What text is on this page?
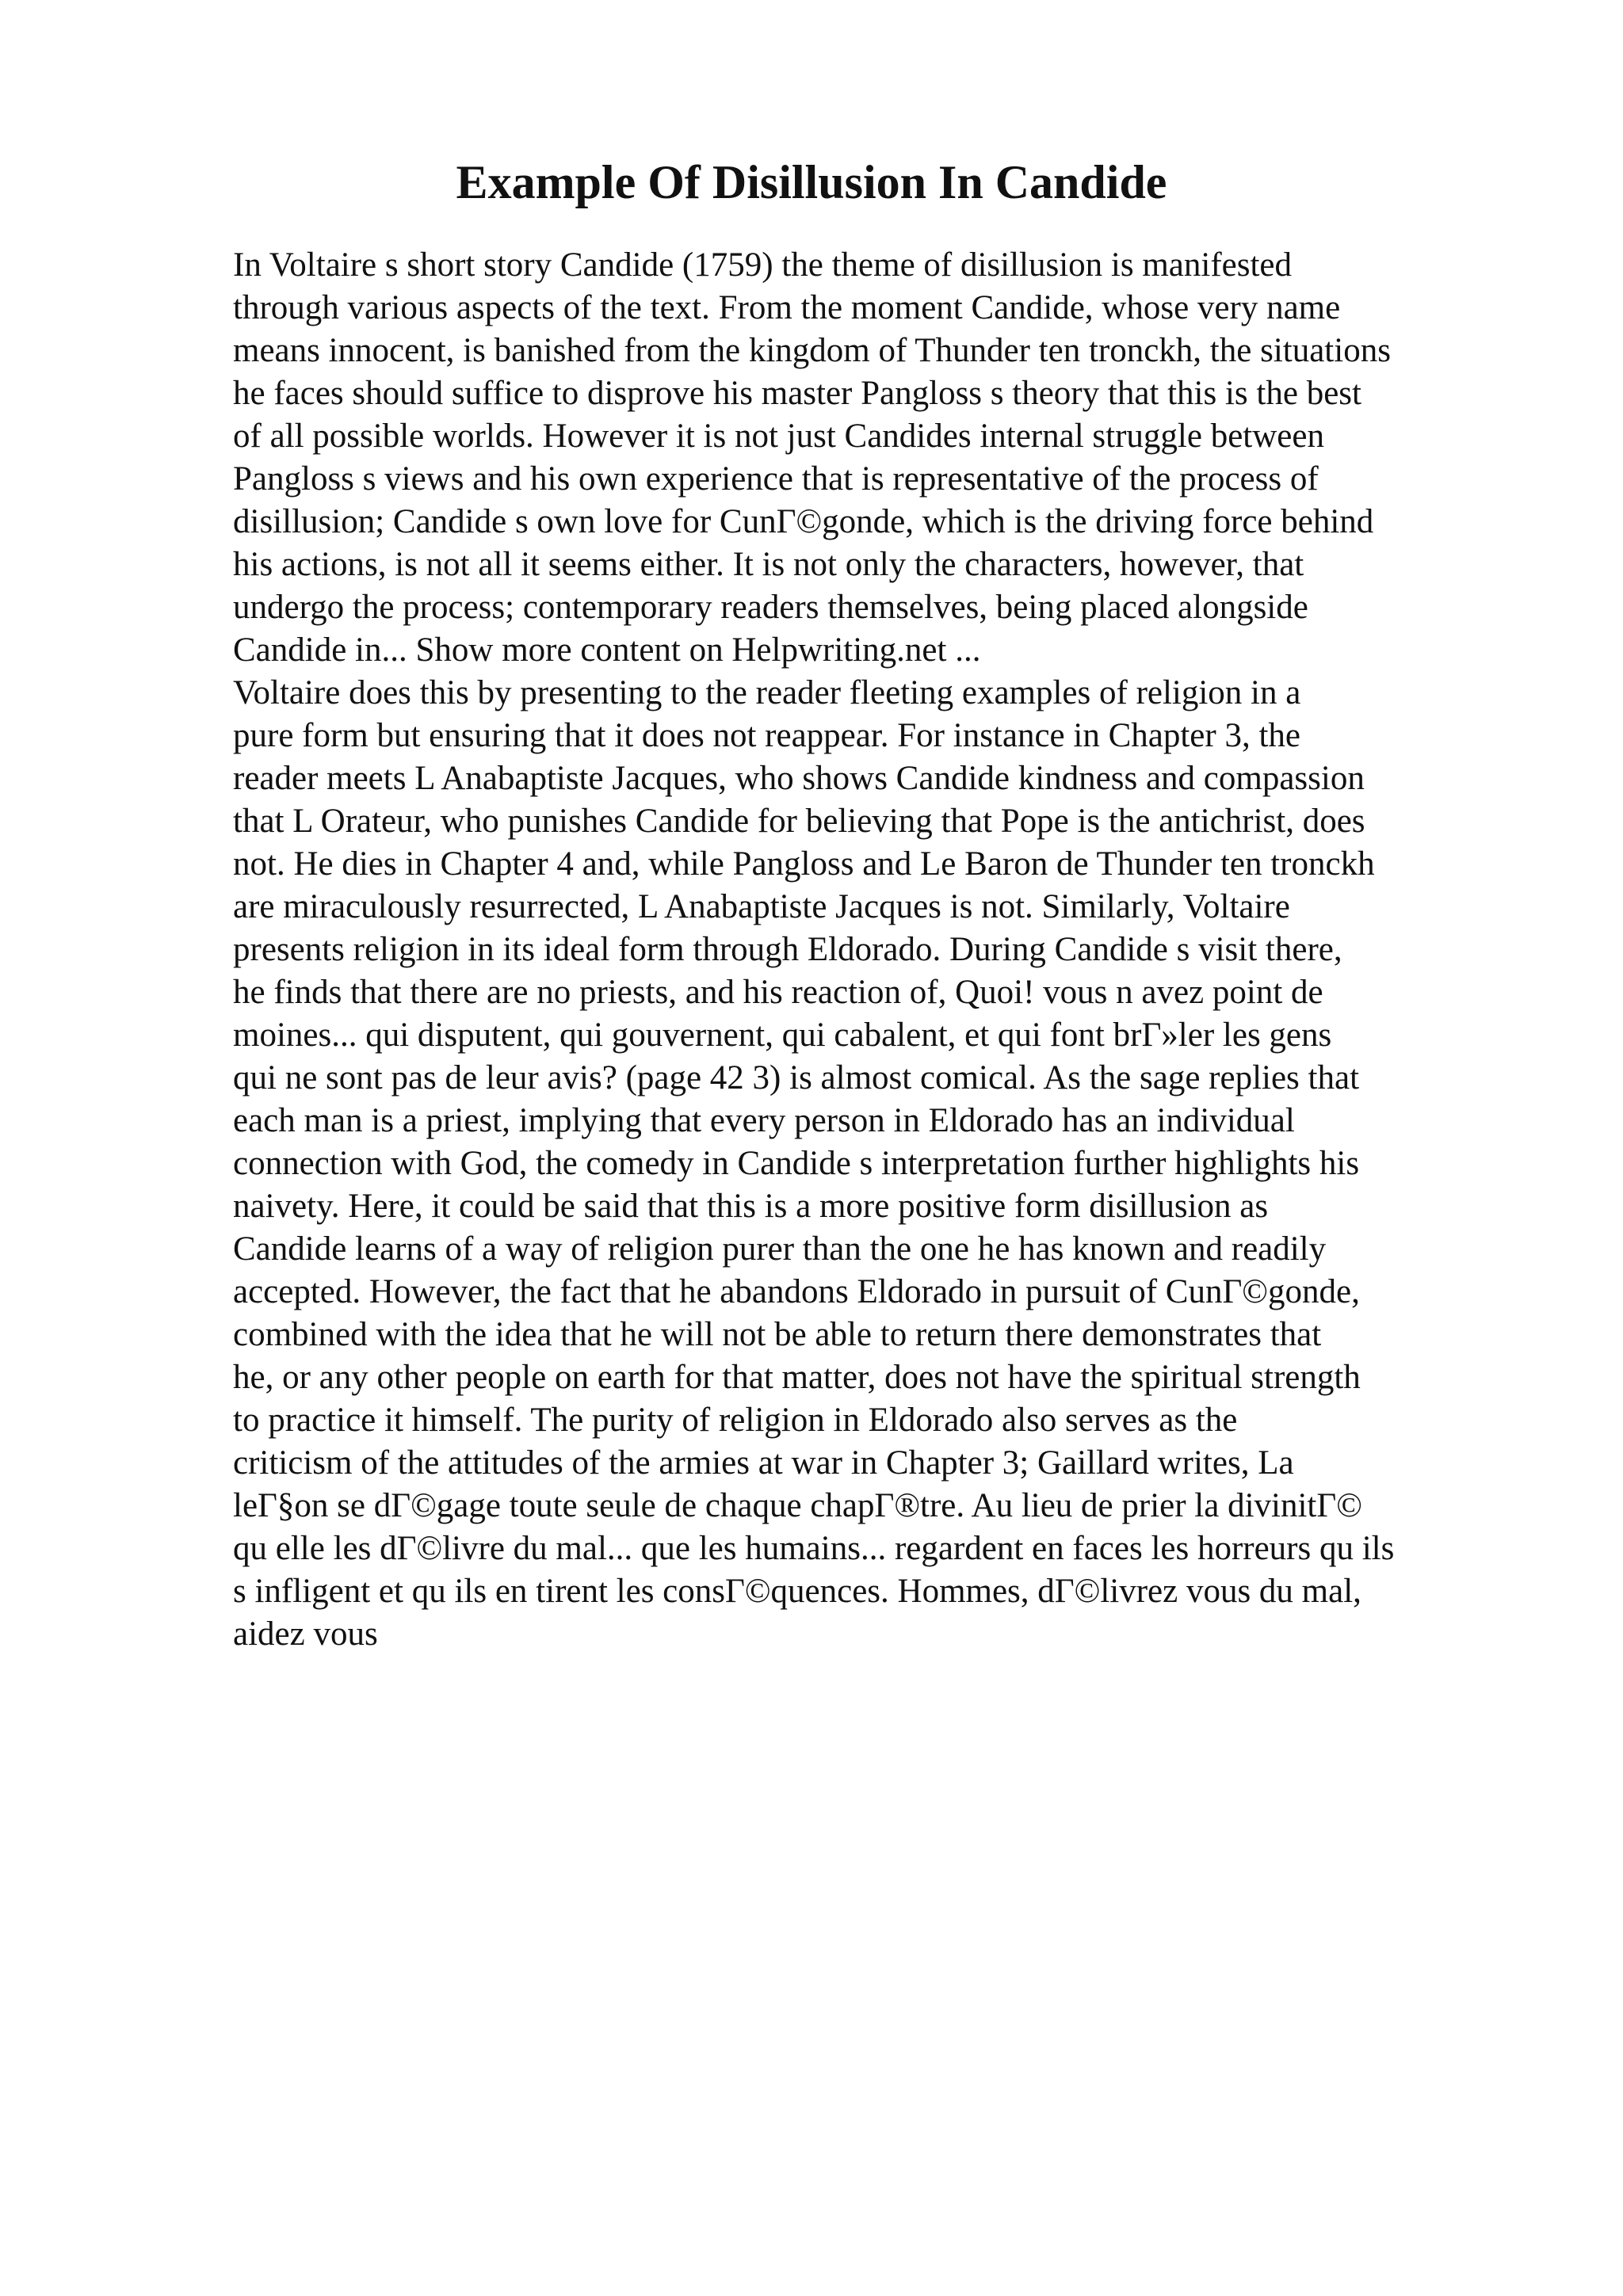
Example Of Disillusion In Candide
In Voltaire s short story Candide (1759) the theme of disillusion is manifested
through various aspects of the text. From the moment Candide, whose very name
means innocent, is banished from the kingdom of Thunder ten tronckh, the situations
he faces should suffice to disprove his master Pangloss s theory that this is the best
of all possible worlds. However it is not just Candides internal struggle between
Pangloss s views and his own experience that is representative of the process of
disillusion; Candide s own love for CunΓ©gonde, which is the driving force behind
his actions, is not all it seems either. It is not only the characters, however, that
undergo the process; contemporary readers themselves, being placed alongside
Candide in... Show more content on Helpwriting.net ...
Voltaire does this by presenting to the reader fleeting examples of religion in a
pure form but ensuring that it does not reappear. For instance in Chapter 3, the
reader meets L Anabaptiste Jacques, who shows Candide kindness and compassion
that L Orateur, who punishes Candide for believing that Pope is the antichrist, does
not. He dies in Chapter 4 and, while Pangloss and Le Baron de Thunder ten tronckh
are miraculously resurrected, L Anabaptiste Jacques is not. Similarly, Voltaire
presents religion in its ideal form through Eldorado. During Candide s visit there,
he finds that there are no priests, and his reaction of, Quoi! vous n avez point de
moines... qui disputent, qui gouvernent, qui cabalent, et qui font brΓ»ler les gens
qui ne sont pas de leur avis? (page 42 3) is almost comical. As the sage replies that
each man is a priest, implying that every person in Eldorado has an individual
connection with God, the comedy in Candide s interpretation further highlights his
naivety. Here, it could be said that this is a more positive form disillusion as
Candide learns of a way of religion purer than the one he has known and readily
accepted. However, the fact that he abandons Eldorado in pursuit of CunΓ©gonde,
combined with the idea that he will not be able to return there demonstrates that
he, or any other people on earth for that matter, does not have the spiritual strength
to practice it himself. The purity of religion in Eldorado also serves as the
criticism of the attitudes of the armies at war in Chapter 3; Gaillard writes, La
leΓ§on se dΓ©gage toute seule de chaque chapΓ®tre. Au lieu de prier la divinitΓ©
qu elle les dΓ©livre du mal... que les humains... regardent en faces les horreurs qu ils
s infligent et qu ils en tirent les consΓ©quences. Hommes, dΓ©livrez vous du mal,
aidez vous
